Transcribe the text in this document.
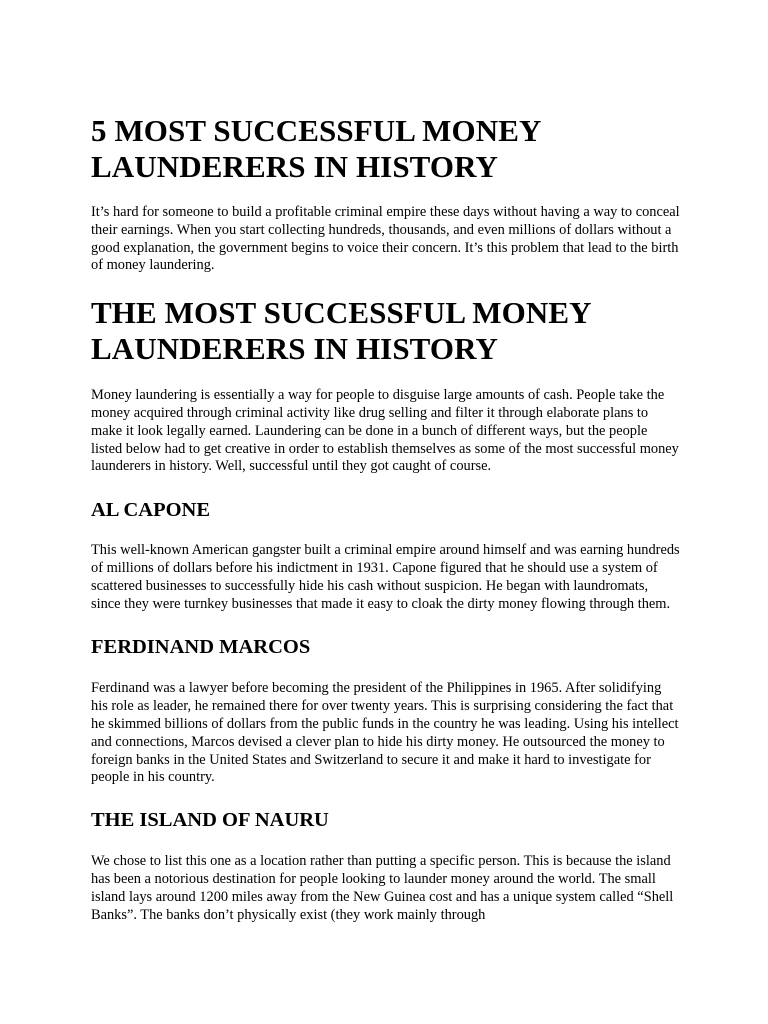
5 MOST SUCCESSFUL MONEY LAUNDERERS IN HISTORY

It’s hard for someone to build a profitable criminal empire these days without having a way to conceal their earnings. When you start collecting hundreds, thousands, and even millions of dollars without a good explanation, the government begins to voice their concern. It’s this problem that lead to the birth of money laundering.

THE MOST SUCCESSFUL MONEY LAUNDERERS IN HISTORY

Money laundering is essentially a way for people to disguise large amounts of cash. People take the money acquired through criminal activity like drug selling and filter it through elaborate plans to make it look legally earned. Laundering can be done in a bunch of different ways, but the people listed below had to get creative in order to establish themselves as some of the most successful money launderers in history. Well, successful until they got caught of course.

AL CAPONE

This well-known American gangster built a criminal empire around himself and was earning hundreds of millions of dollars before his indictment in 1931. Capone figured that he should use a system of scattered businesses to successfully hide his cash without suspicion. He began with laundromats, since they were turnkey businesses that made it easy to cloak the dirty money flowing through them.

FERDINAND MARCOS

Ferdinand was a lawyer before becoming the president of the Philippines in 1965. After solidifying his role as leader, he remained there for over twenty years. This is surprising considering the fact that he skimmed billions of dollars from the public funds in the country he was leading. Using his intellect and connections, Marcos devised a clever plan to hide his dirty money. He outsourced the money to foreign banks in the United States and Switzerland to secure it and make it hard to investigate for people in his country.

THE ISLAND OF NAURU

We chose to list this one as a location rather than putting a specific person. This is because the island has been a notorious destination for people looking to launder money around the world. The small island lays around 1200 miles away from the New Guinea cost and has a unique system called “Shell Banks”. The banks don’t physically exist (they work mainly through
